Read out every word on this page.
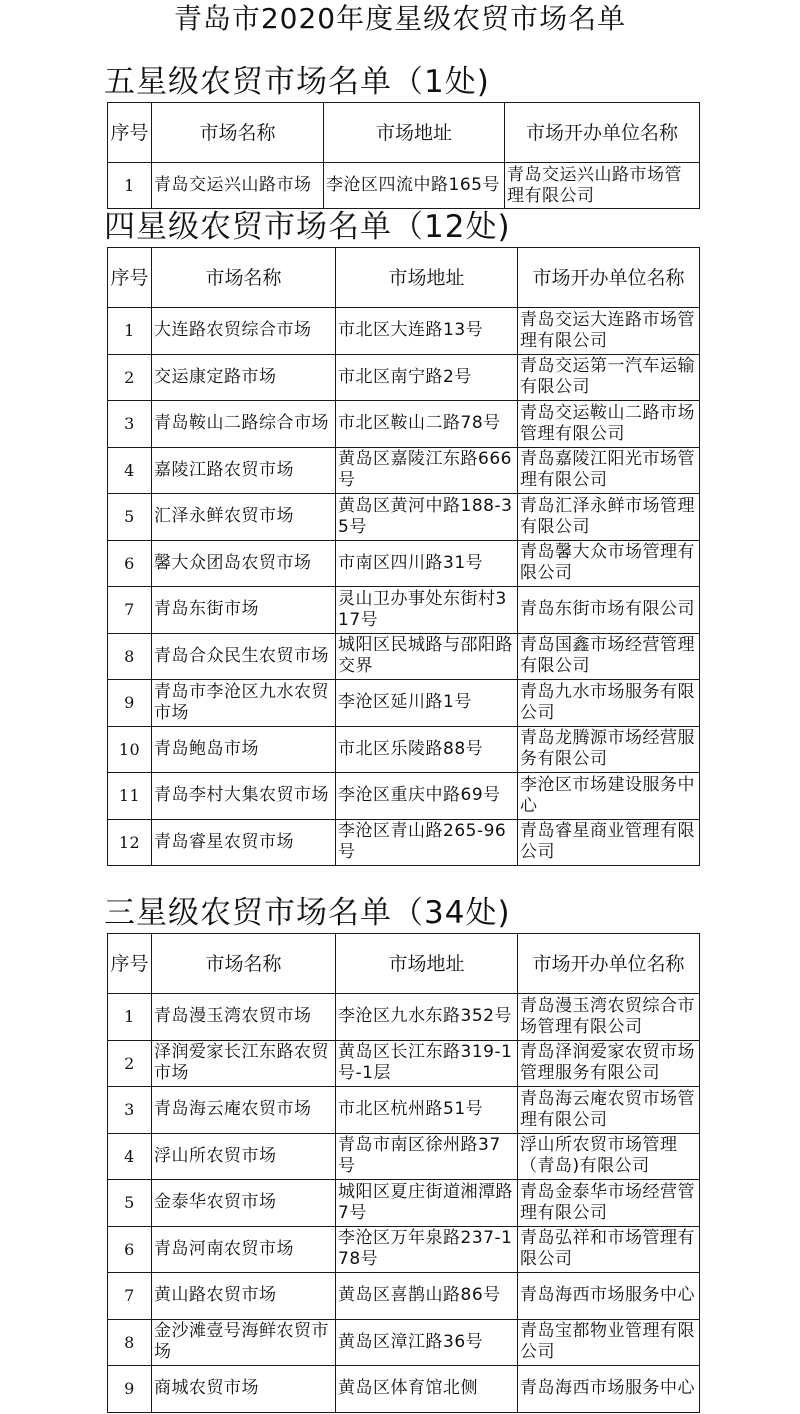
青岛市2020年度星级农贸市场名单
五星级农贸市场名单（1处)
序号	市场名称	市场地址	市场开办单位名称
1	青岛交运兴山路市场	李沧区四流中路165号	青岛交运兴山路市场管理有限公司
四星级农贸市场名单（12处)
序号	市场名称	市场地址	市场开办单位名称
1	大连路农贸综合市场	市北区大连路13号	青岛交运大连路市场管理有限公司
2	交运康定路市场	市北区南宁路2号	青岛交运第一汽车运输有限公司
3	青岛鞍山二路综合市场	市北区鞍山二路78号	青岛交运鞍山二路市场管理有限公司
4	嘉陵江路农贸市场	黄岛区嘉陵江东路666号	青岛嘉陵江阳光市场管理有限公司
5	汇泽永鲜农贸市场	黄岛区黄河中路188-35号	青岛汇泽永鲜市场管理有限公司
6	馨大众团岛农贸市场	市南区四川路31号	青岛馨大众市场管理有限公司
7	青岛东街市场	灵山卫办事处东街村317号	青岛东街市场有限公司
8	青岛合众民生农贸市场	城阳区民城路与邵阳路交界	青岛国鑫市场经营管理有限公司
9	青岛市李沧区九水农贸市场	李沧区延川路1号	青岛九水市场服务有限公司
10	青岛鲍岛市场	市北区乐陵路88号	青岛龙腾源市场经营服务有限公司
11	青岛李村大集农贸市场	李沧区重庆中路69号	李沧区市场建设服务中心
12	青岛睿星农贸市场	李沧区青山路265-96号	青岛睿星商业管理有限公司
三星级农贸市场名单（34处)
序号	市场名称	市场地址	市场开办单位名称
1	青岛漫玉湾农贸市场	李沧区九水东路352号	青岛漫玉湾农贸综合市场管理有限公司
2	泽润爱家长江东路农贸市场	黄岛区长江东路319-1号-1层	青岛泽润爱家农贸市场管理服务有限公司
3	青岛海云庵农贸市场	市北区杭州路51号	青岛海云庵农贸市场管理有限公司
4	浮山所农贸市场	青岛市南区徐州路37号	浮山所农贸市场管理（青岛)有限公司
5	金泰华农贸市场	城阳区夏庄街道湘潭路7号	青岛金泰华市场经营管理有限公司
6	青岛河南农贸市场	李沧区万年泉路237-178号	青岛弘祥和市场管理有限公司
7	黄山路农贸市场	黄岛区喜鹊山路86号	青岛海西市场服务中心
8	金沙滩壹号海鲜农贸市场	黄岛区漳江路36号	青岛宝都物业管理有限公司
9	商城农贸市场	黄岛区体育馆北侧	青岛海西市场服务中心
